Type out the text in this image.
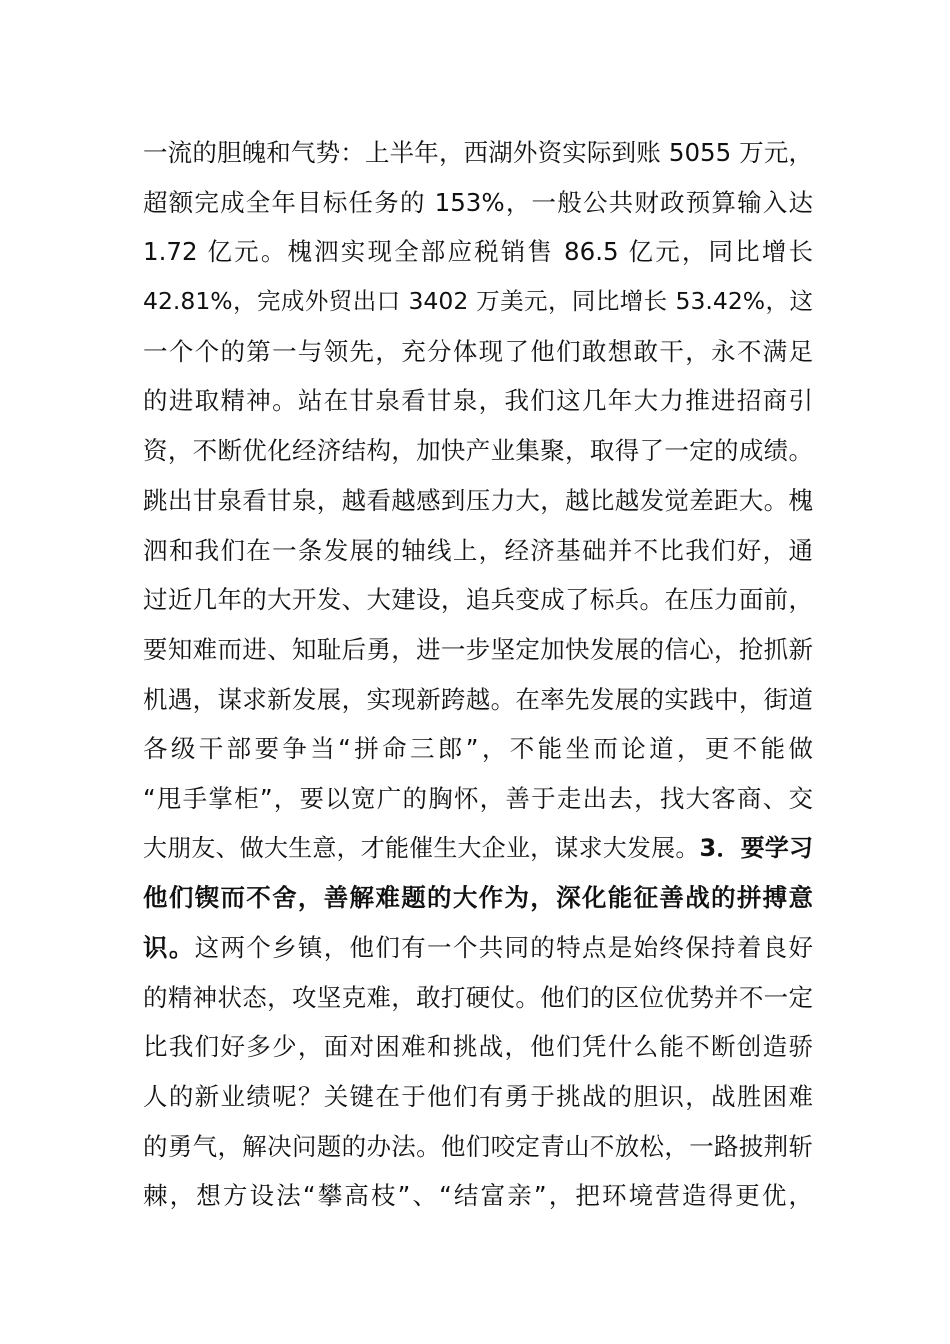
一流的胆魄和气势：上半年，西湖外资实际到账 5055 万元，
超额完成全年目标任务的 153%，一般公共财政预算输入达
1.72 亿元。槐泗实现全部应税销售 86.5 亿元，同比增长
42.81%，完成外贸出口 3402 万美元，同比增长 53.42%，这
一个个的第一与领先，充分体现了他们敢想敢干，永不满足
的进取精神。站在甘泉看甘泉，我们这几年大力推进招商引
资，不断优化经济结构，加快产业集聚，取得了一定的成绩。
跳出甘泉看甘泉，越看越感到压力大，越比越发觉差距大。槐
泗和我们在一条发展的轴线上，经济基础并不比我们好，通
过近几年的大开发、大建设，追兵变成了标兵。在压力面前，
要知难而进、知耻后勇，进一步坚定加快发展的信心，抢抓新
机遇，谋求新发展，实现新跨越。在率先发展的实践中，街道
各级干部要争当“拼命三郎”，不能坐而论道，更不能做
“甩手掌柜”，要以宽广的胸怀，善于走出去，找大客商、交
大朋友、做大生意，才能催生大企业，谋求大发展。3．要学习
他们锲而不舍，善解难题的大作为，深化能征善战的拼搏意
识。这两个乡镇，他们有一个共同的特点是始终保持着良好
的精神状态，攻坚克难，敢打硬仗。他们的区位优势并不一定
比我们好多少，面对困难和挑战，他们凭什么能不断创造骄
人的新业绩呢？关键在于他们有勇于挑战的胆识，战胜困难
的勇气，解决问题的办法。他们咬定青山不放松，一路披荆斩
棘，想方设法“攀高枝”、“结富亲”，把环境营造得更优，
